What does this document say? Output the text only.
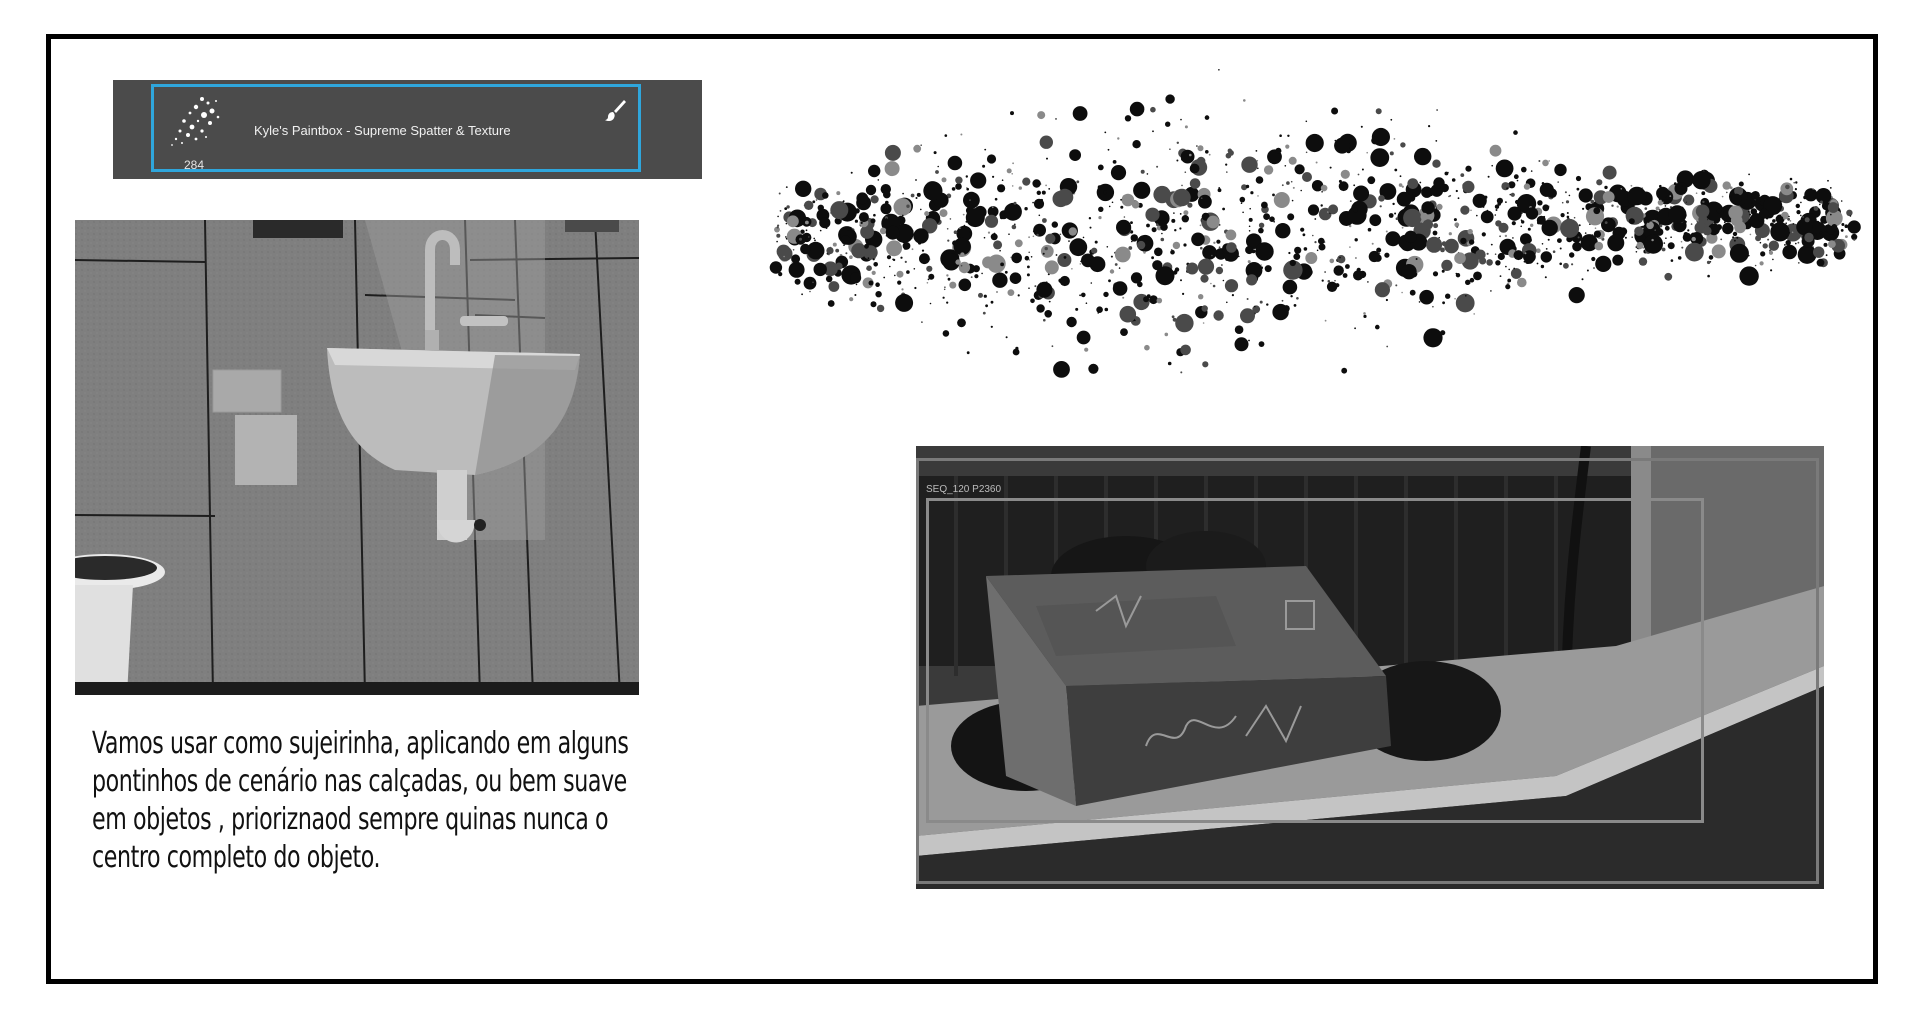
284
Kyle's Paintbox - Supreme Spatter & Texture
Vamos usar como sujeirinha, aplicando em alguns pontinhos de cenário nas calçadas, ou bem suave em objetos , prioriznaod sempre quinas nunca o centro completo do objeto.
SEQ_120 P2360
